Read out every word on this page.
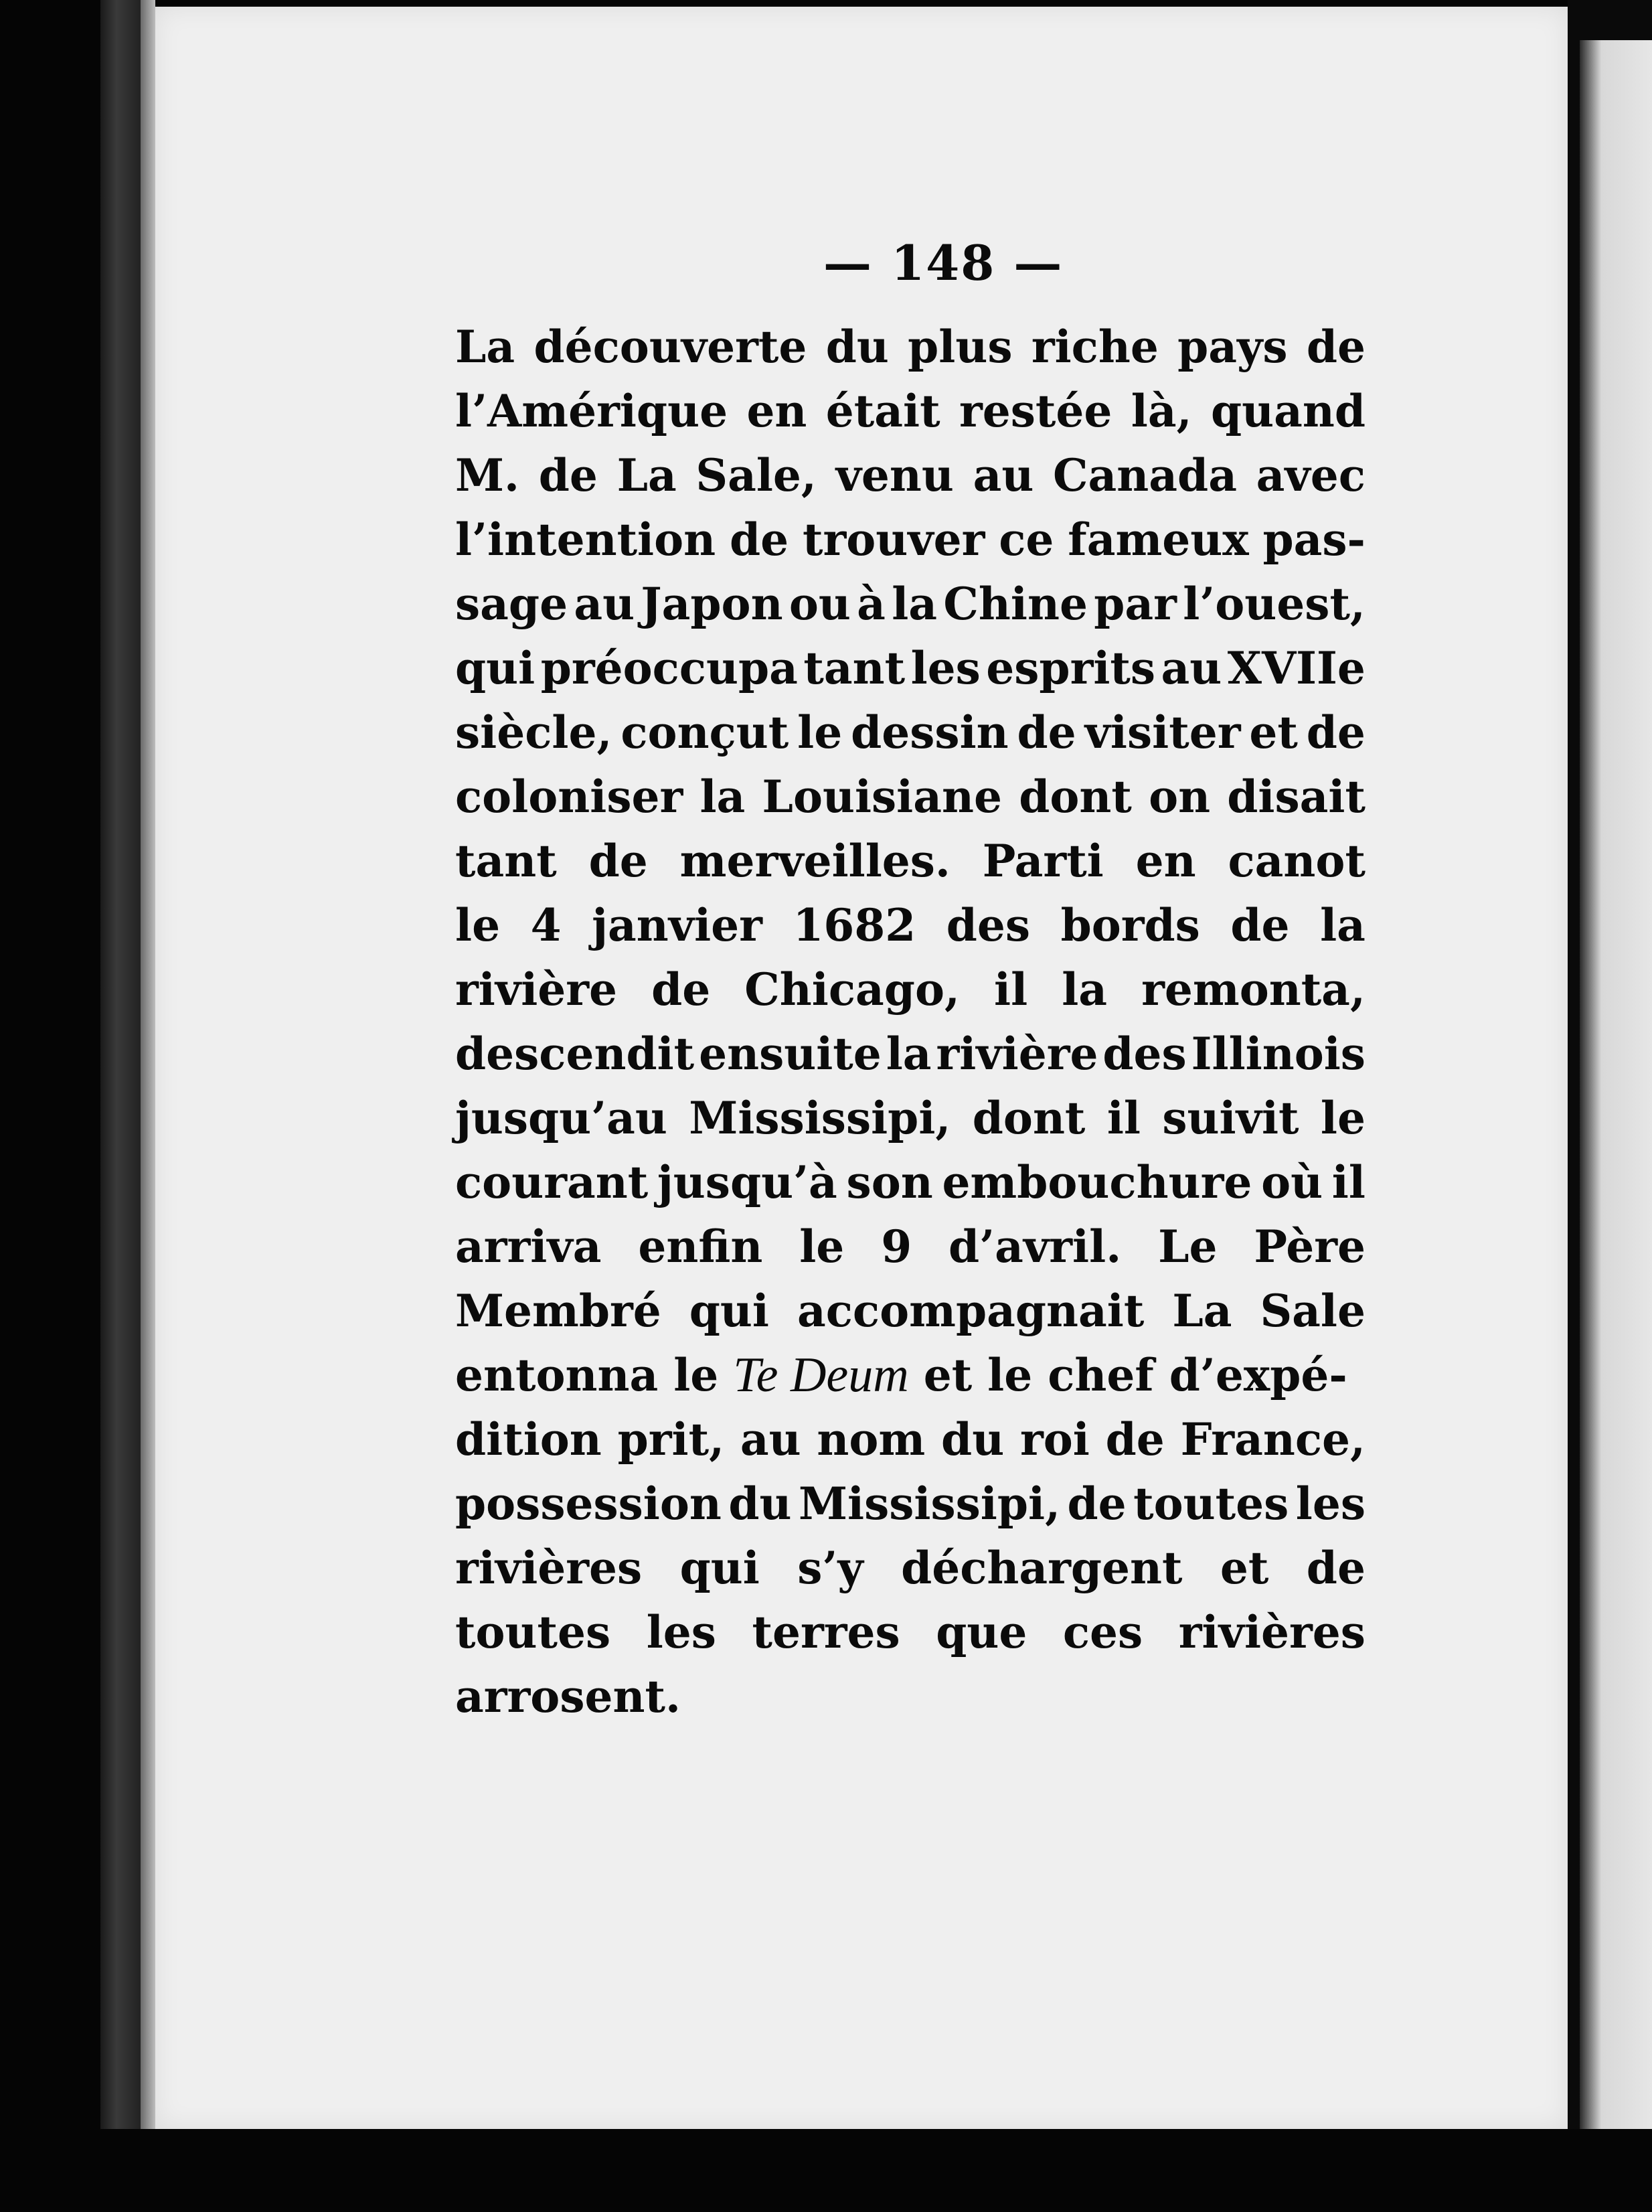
— 148 —
La découverte du plus riche pays de
l’Amérique en était restée là, quand
M. de La Sale, venu au Canada avec
l’intention de trouver ce fameux pas-
sage au Japon ou à la Chine par l’ouest,
qui préoccupa tant les esprits au XVIIe
siècle, conçut le dessin de visiter et de
coloniser la Louisiane dont on disait
tant de merveilles. Parti en canot
le 4 janvier 1682 des bords de la
rivière de Chicago, il la remonta,
descendit ensuite la rivière des Illinois
jusqu’au Mississipi, dont il suivit le
courant jusqu’à son embouchure où il
arriva enfin le 9 d’avril. Le Père
Membré qui accompagnait La Sale
entonna le Te Deum et le chef d’expé-
dition prit, au nom du roi de France,
possession du Mississipi, de toutes les
rivières qui s’y déchargent et de
toutes les terres que ces rivières
arrosent.
